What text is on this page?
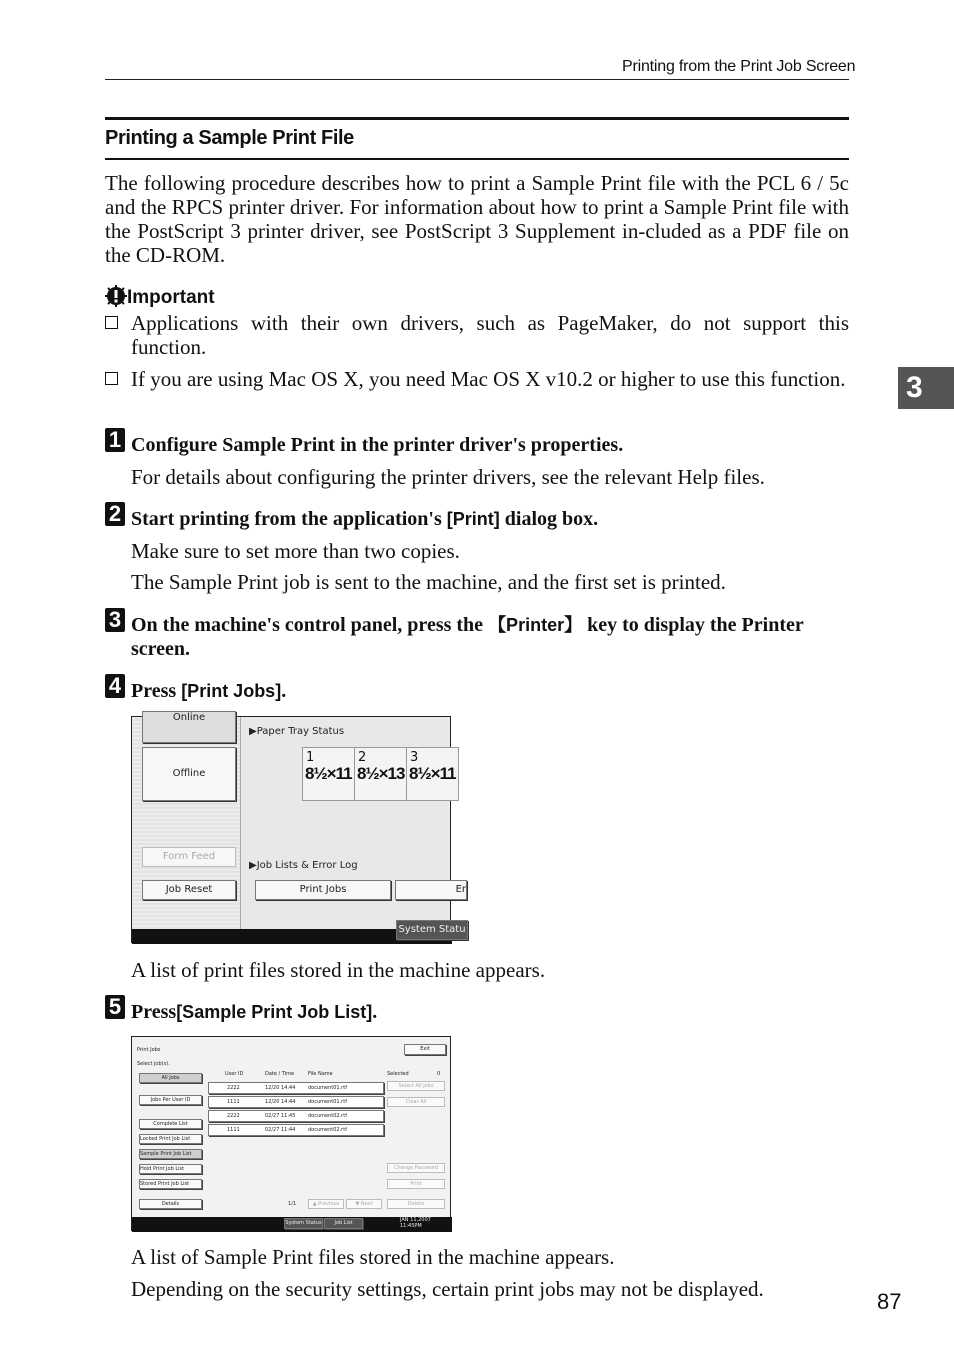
Printing from the Print Job Screen
Printing a Sample Print File
The following procedure describes how to print a Sample Print file with the PCL 6 / 5c and the RPCS printer driver. For information about how to print a Sample Print file with the PostScript 3 printer driver, see PostScript 3 Supplement in-cluded as a PDF file on the CD-ROM.
Important
Applications with their own drivers, such as PageMaker, do not support this function.
If you are using Mac OS X, you need Mac OS X v10.2 or higher to use this function.
1 Configure Sample Print in the printer driver's properties.
For details about configuring the printer drivers, see the relevant Help files.
2 Start printing from the application's [Print] dialog box.
Make sure to set more than two copies.
The Sample Print job is sent to the machine, and the first set is printed.
3 On the machine's control panel, press the 【Printer】 key to display the Printer screen.
4 Press [Print Jobs].
Online
Offline
Form Feed
Job Reset
▶Paper Tray Status
1
8½×11
2
8½×13
3
8½×11
▶Job Lists & Error Log
Print Jobs	Er
System Statu
A list of print files stored in the machine appears.
5 Press[Sample Print Job List].
Print Jobs	Exit
Select job(s).
All Jobs
Jobs Per User ID
Complete List
Locked Print Job List
Sample Print Job List
Hold Print Job List
Stored Print Job List
Details
User ID	Date / Time	File Name	Selected	0
2222	12/20 14:44	document01.rtf
1111	12/20 14:44	document01.rtf
2222	02/27 11:45	document02.rtf
1111	02/27 11:44	document02.rtf
Select All Jobs
Clear All
Change Password
Print
Delete
1/1	▲ Previous	▼ Next
System Status	Job List	JAN 11,2007
11:45PM
A list of Sample Print files stored in the machine appears.
Depending on the security settings, certain print jobs may not be displayed.
3
87
